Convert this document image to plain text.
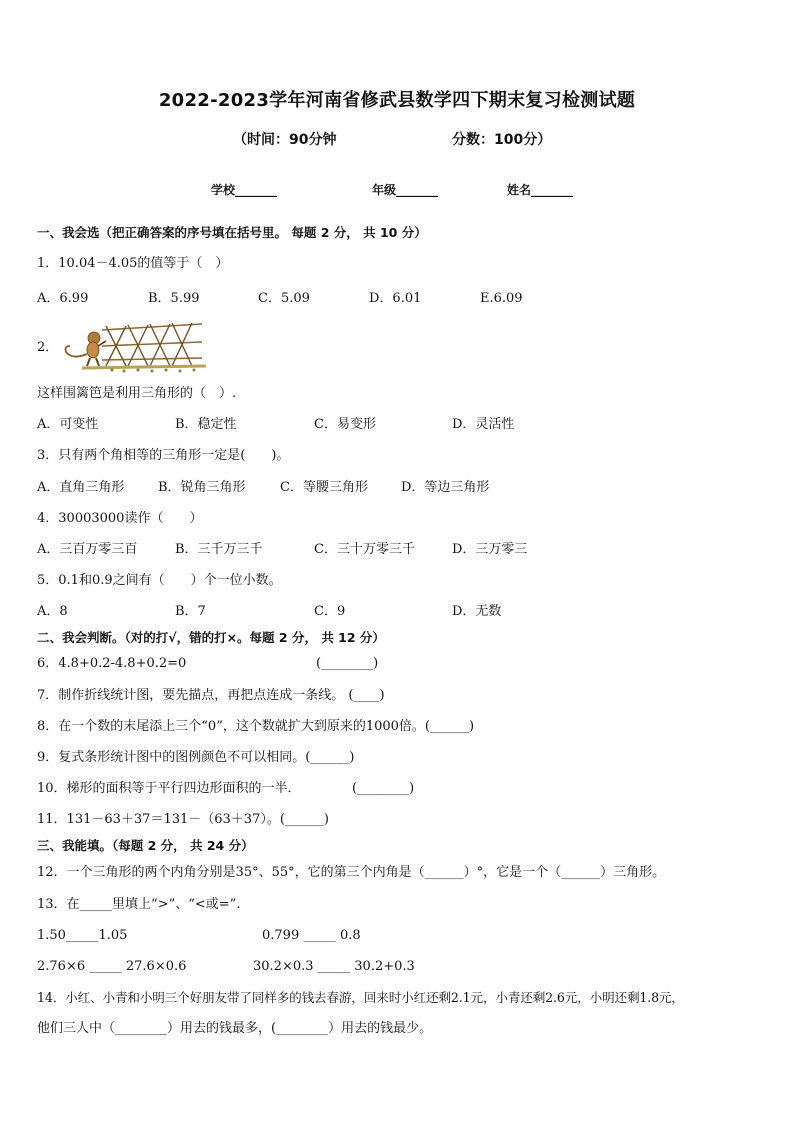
2022-2023学年河南省修武县数学四下期末复习检测试题
（时间：90分钟	分数：100分）
学校_______	年级_______	姓名_______
一、我会选（把正确答案的序号填在括号里。 每题 2 分， 共 10 分）
1．10.04－4.05的值等于（　）
A．6.99	B．5.99	C．5.09	D．6.01	E.6.09
2．
这样围篱笆是利用三角形的（　）.
A．可变性	B．稳定性	C．易变形	D．灵活性
3．只有两个角相等的三角形一定是(　　)。
A．直角三角形	B．锐角三角形	C．等腰三角形	D．等边三角形
4．30003000读作（　　）
A．三百万零三百	B．三千万三千	C．三十万零三千	D．三万零三
5．0.1和0.9之间有（　　）个一位小数。
A．8	B．7	C．9	D．无数
二、我会判断。（对的打√，错的打×。每题 2 分， 共 12 分）
6．4.8+0.2-4.8+0.2=0	(________)
7．制作折线统计图，要先描点，再把点连成一条线。 (____)
8．在一个数的末尾添上三个“0”，这个数就扩大到原来的1000倍。(______)
9．复式条形统计图中的图例颜色不可以相同。(______)
10．梯形的面积等于平行四边形面积的一半．	(________)
11．131－63＋37＝131－（63＋37）。(______)
三、我能填。（每题 2 分， 共 24 分）
12．一个三角形的两个内角分别是35°、55°，它的第三个内角是（______）°，它是一个（______）三角形。
13．在_____里填上“>”、“<或=”.
1.50_____1.05	0.799 _____ 0.8
2.76×6 _____ 27.6×0.6	30.2×0.3 _____ 30.2+0.3
14．小红、小青和小明三个好朋友带了同样多的钱去春游，回来时小红还剩2.1元，小青还剩2.6元，小明还剩1.8元，
他们三人中（________）用去的钱最多，(________）用去的钱最少。
